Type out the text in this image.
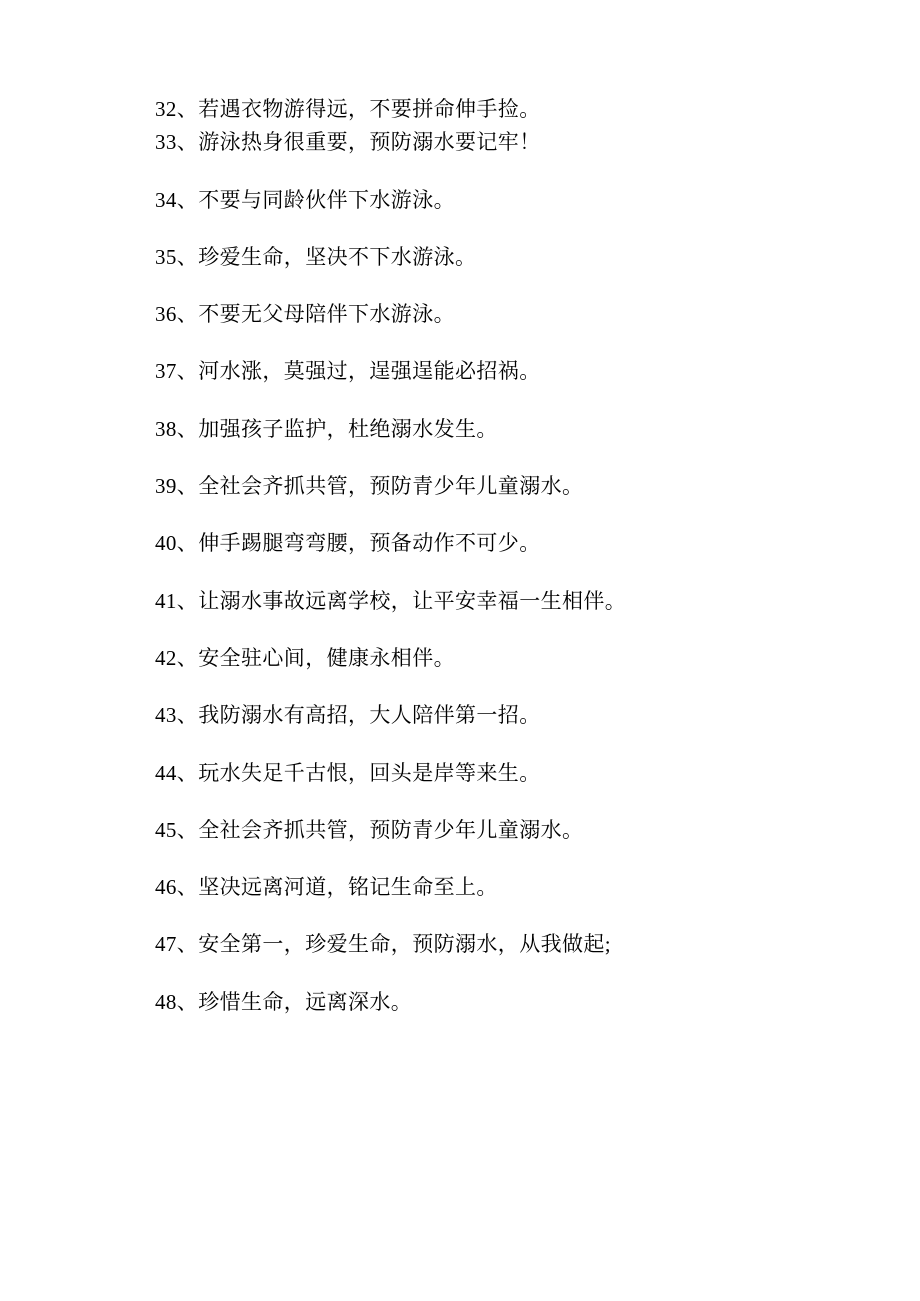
32、若遇衣物游得远，不要拼命伸手捡。

33、游泳热身很重要，预防溺水要记牢！

34、不要与同龄伙伴下水游泳。

35、珍爱生命，坚决不下水游泳。

36、不要无父母陪伴下水游泳。

37、河水涨，莫强过，逞强逞能必招祸。

38、加强孩子监护，杜绝溺水发生。

39、全社会齐抓共管，预防青少年儿童溺水。

40、伸手踢腿弯弯腰，预备动作不可少。

41、让溺水事故远离学校，让平安幸福一生相伴。

42、安全驻心间，健康永相伴。

43、我防溺水有高招，大人陪伴第一招。

44、玩水失足千古恨，回头是岸等来生。

45、全社会齐抓共管，预防青少年儿童溺水。

46、坚决远离河道，铭记生命至上。

47、安全第一，珍爱生命，预防溺水，从我做起;

48、珍惜生命，远离深水。
